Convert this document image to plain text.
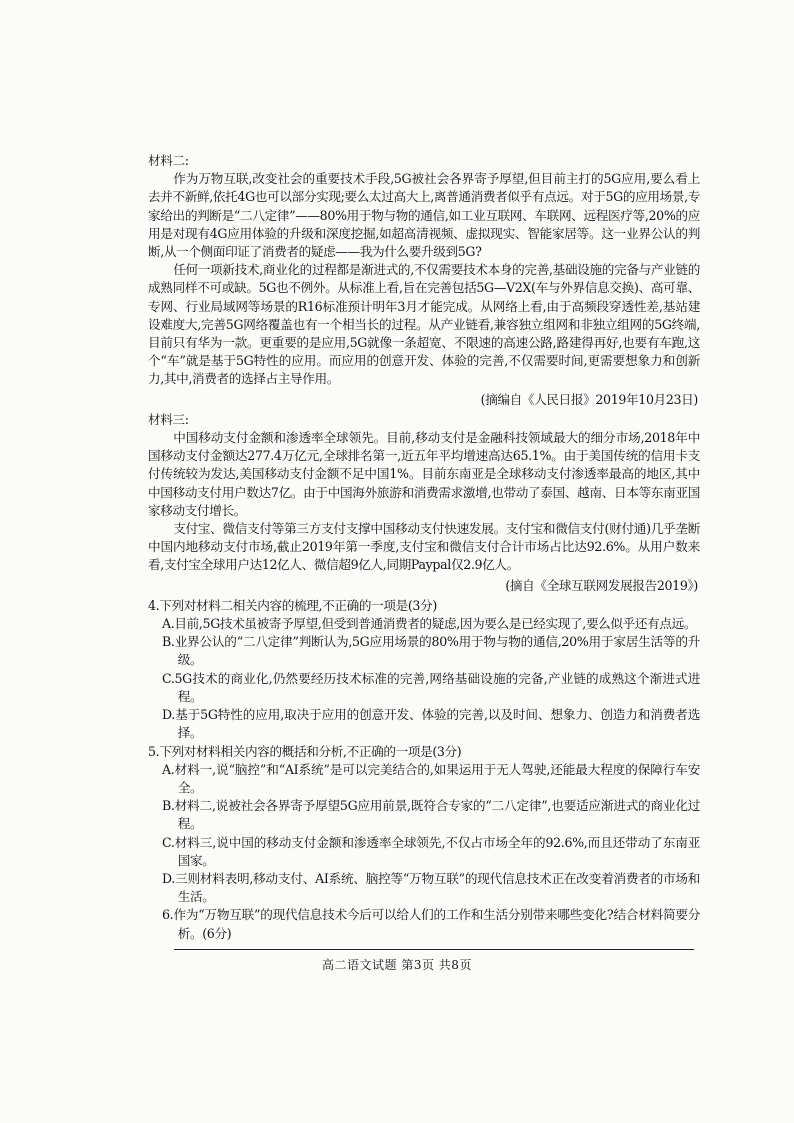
材料二:

作为万物互联,改变社会的重要技术手段,5G被社会各界寄予厚望,但目前主打的5G应用,要么看上去并不新鲜,依托4G也可以部分实现;要么太过高大上,离普通消费者似乎有点远。对于5G的应用场景,专家给出的判断是“二八定律”——80%用于物与物的通信,如工业互联网、车联网、远程医疗等,20%的应用是对现有4G应用体验的升级和深度挖掘,如超高清视频、虚拟现实、智能家居等。这一业界公认的判断,从一个侧面印证了消费者的疑虑——我为什么要升级到5G?

任何一项新技术,商业化的过程都是渐进式的,不仅需要技术本身的完善,基础设施的完备与产业链的成熟同样不可或缺。5G也不例外。从标准上看,旨在完善包括5G—V2X(车与外界信息交换)、高可靠、专网、行业局域网等场景的R16标准预计明年3月才能完成。从网络上看,由于高频段穿透性差,基站建设难度大,完善5G网络覆盖也有一个相当长的过程。从产业链看,兼容独立组网和非独立组网的5G终端,目前只有华为一款。更重要的是应用,5G就像一条超宽、不限速的高速公路,路建得再好,也要有车跑,这个“车”就是基于5G特性的应用。而应用的创意开发、体验的完善,不仅需要时间,更需要想象力和创新力,其中,消费者的选择占主导作用。

(摘编自《人民日报》2019年10月23日)

材料三:

中国移动支付金额和渗透率全球领先。目前,移动支付是金融科技领域最大的细分市场,2018年中国移动支付金额达277.4万亿元,全球排名第一,近五年平均增速高达65.1%。由于美国传统的信用卡支付传统较为发达,美国移动支付金额不足中国1%。目前东南亚是全球移动支付渗透率最高的地区,其中中国移动支付用户数达7亿。由于中国海外旅游和消费需求激增,也带动了泰国、越南、日本等东南亚国家移动支付增长。

支付宝、微信支付等第三方支付支撑中国移动支付快速发展。支付宝和微信支付(财付通)几乎垄断中国内地移动支付市场,截止2019年第一季度,支付宝和微信支付合计市场占比达92.6%。从用户数来看,支付宝全球用户达12亿人、微信超9亿人,同期Paypal仅2.9亿人。

(摘自《全球互联网发展报告2019》)

4.下列对材料二相关内容的梳理,不正确的一项是(3分)

A.目前,5G技术虽被寄予厚望,但受到普通消费者的疑虑,因为要么是已经实现了,要么似乎还有点远。

B.业界公认的“二八定律”判断认为,5G应用场景的80%用于物与物的通信,20%用于家居生活等的升级。

C.5G技术的商业化,仍然要经历技术标准的完善,网络基础设施的完备,产业链的成熟这个渐进式进程。

D.基于5G特性的应用,取决于应用的创意开发、体验的完善,以及时间、想象力、创造力和消费者选择。

5.下列对材料相关内容的概括和分析,不正确的一项是(3分)

A.材料一,说“脑控”和“AI系统”是可以完美结合的,如果运用于无人驾驶,还能最大程度的保障行车安全。

B.材料二,说被社会各界寄予厚望5G应用前景,既符合专家的“二八定律”,也要适应渐进式的商业化过程。

C.材料三,说中国的移动支付金额和渗透率全球领先,不仅占市场全年的92.6%,而且还带动了东南亚国家。

D.三则材料表明,移动支付、AI系统、脑控等“万物互联”的现代信息技术正在改变着消费者的市场和生活。

6.作为“万物互联”的现代信息技术今后可以给人们的工作和生活分别带来哪些变化?结合材料简要分析。(6分)

高二语文试题 第3页 共8页
